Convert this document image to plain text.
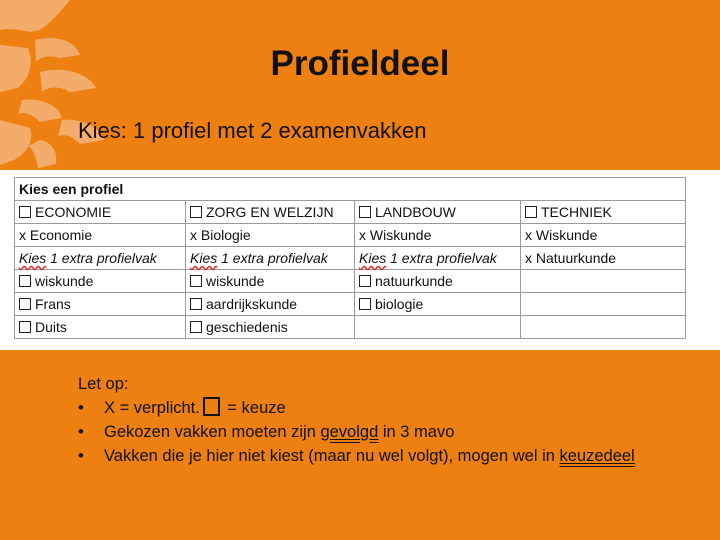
Profieldeel
Kies: 1 profiel met 2 examenvakken
Kies een profiel			
ECONOMIE	ZORG EN WELZIJN	LANDBOUW	TECHNIEK
x Economie	x Biologie	x Wiskunde	x Wiskunde
Kies 1 extra profielvak	Kies 1 extra profielvak	Kies 1 extra profielvak	x Natuurkunde
wiskunde	wiskunde	natuurkunde	
Frans	aardrijkskunde	biologie	
Duits	geschiedenis		
Let op:
• X = verplicht. = keuze
• Gekozen vakken moeten zijn gevolgd in 3 mavo
• Vakken die je hier niet kiest (maar nu wel volgt), mogen wel in keuzedeel
